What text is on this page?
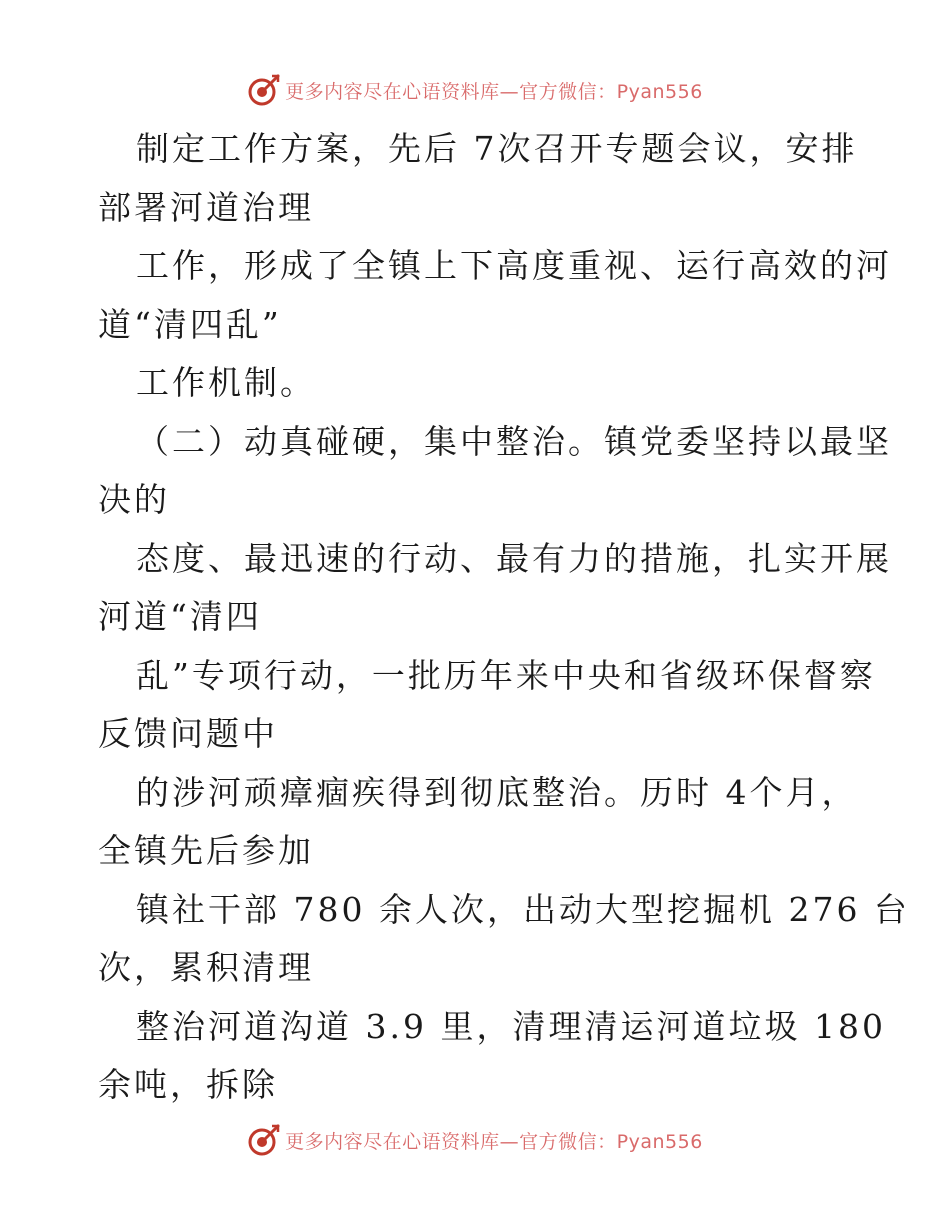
更多内容尽在心语资料库—官方微信：Pyan556
制定工作方案，先后 7次召开专题会议，安排
部署河道治理
工作，形成了全镇上下高度重视、运行高效的河
道“清四乱”
工作机制。
（二）动真碰硬，集中整治。镇党委坚持以最坚
决的
态度、最迅速的行动、最有力的措施，扎实开展
河道“清四
乱”专项行动，一批历年来中央和省级环保督察
反馈问题中
的涉河顽瘴痼疾得到彻底整治。历时 4个月，
全镇先后参加
镇社干部 780 余人次，出动大型挖掘机 276 台
次，累积清理
整治河道沟道 3.9 里，清理清运河道垃圾 180
余吨，拆除
更多内容尽在心语资料库—官方微信：Pyan556
